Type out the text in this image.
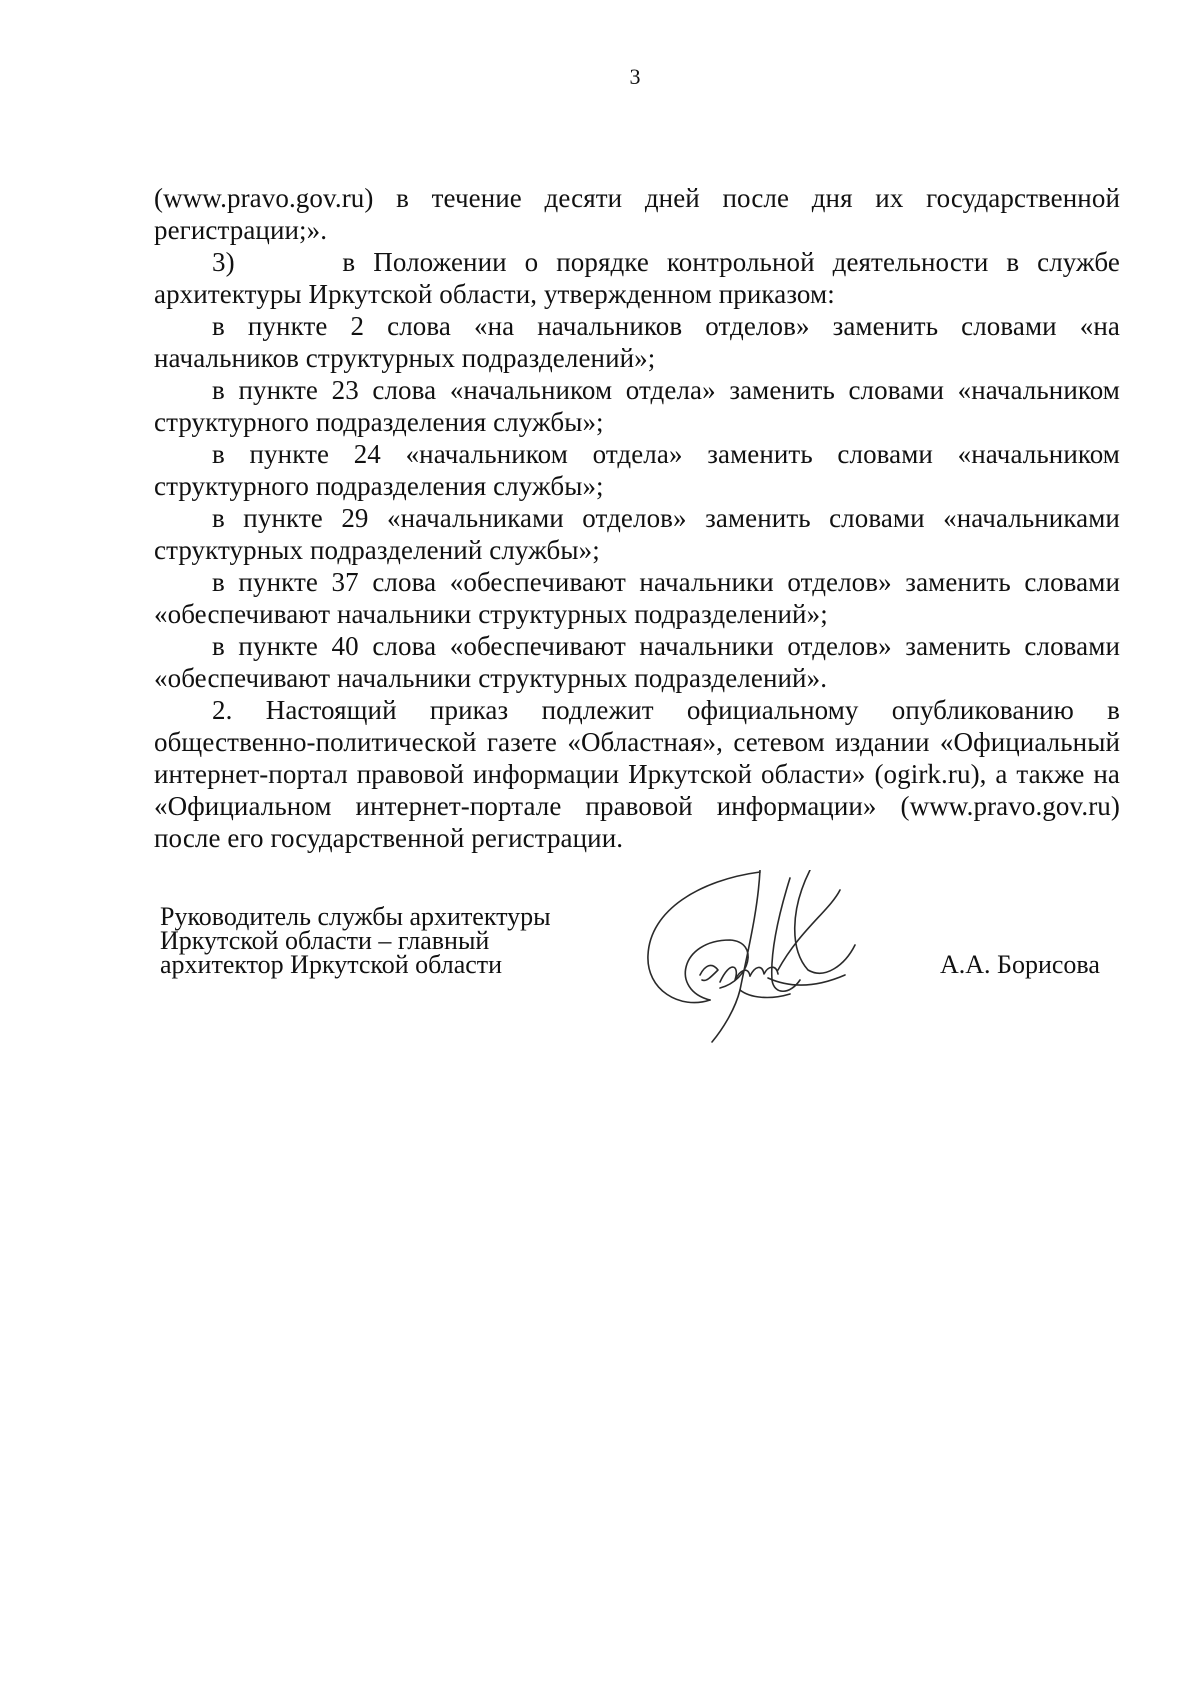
3

(www.pravo.gov.ru) в течение десяти дней после дня их государственной регистрации;».

3)      в Положении о порядке контрольной деятельности в службе архитектуры Иркутской области, утвержденном приказом:

в пункте 2 слова «на начальников отделов» заменить словами «на начальников структурных подразделений»;

в пункте 23 слова «начальником отдела» заменить словами «начальником структурного подразделения службы»;

в пункте 24 «начальником отдела» заменить словами «начальником структурного подразделения службы»;

в пункте 29 «начальниками отделов» заменить словами «начальниками структурных подразделений службы»;

в пункте 37 слова «обеспечивают начальники отделов» заменить словами «обеспечивают начальники структурных подразделений»;

в пункте 40 слова «обеспечивают начальники отделов» заменить словами «обеспечивают начальники структурных подразделений».

2. Настоящий приказ подлежит официальному опубликованию в общественно-политической газете «Областная», сетевом издании «Официальный интернет-портал правовой информации Иркутской области» (ogirk.ru), а также на «Официальном интернет-портале правовой информации» (www.pravo.gov.ru) после его государственной регистрации.

Руководитель службы архитектуры
Иркутской области – главный
архитектор Иркутской области	А.А. Борисова
